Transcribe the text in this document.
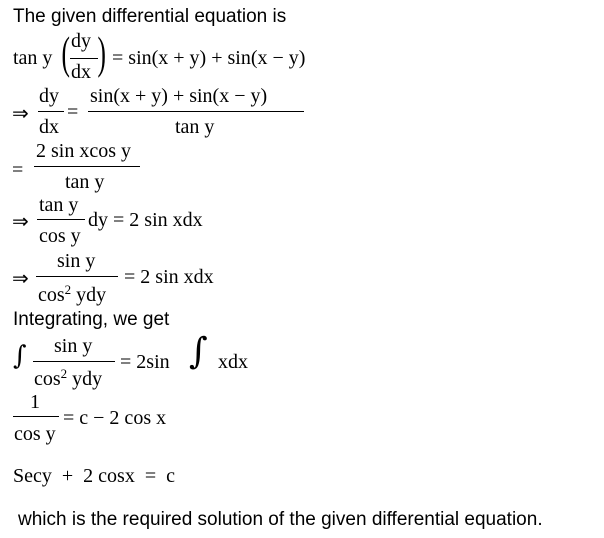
The given differential equation is
tan y ( dy
dx ) = sin(x + y) + sin(x − y)
⇒
dy
dx
=
sin(x + y) + sin(x − y)
tan y
=
2 sin xcos y
tan y
⇒
tan y
cos y
dy = 2 sin xdx
⇒
sin y
$\cos^2$ ydy
= 2 sin xdx
Integrating, we get
∫ sin y
$\cos^2$ ydy
= 2sin ∫ xdx
1
cos y
= c − 2 cos x
Secy  +  2 cosx  =  c
which is the required solution of the given differential equation.
